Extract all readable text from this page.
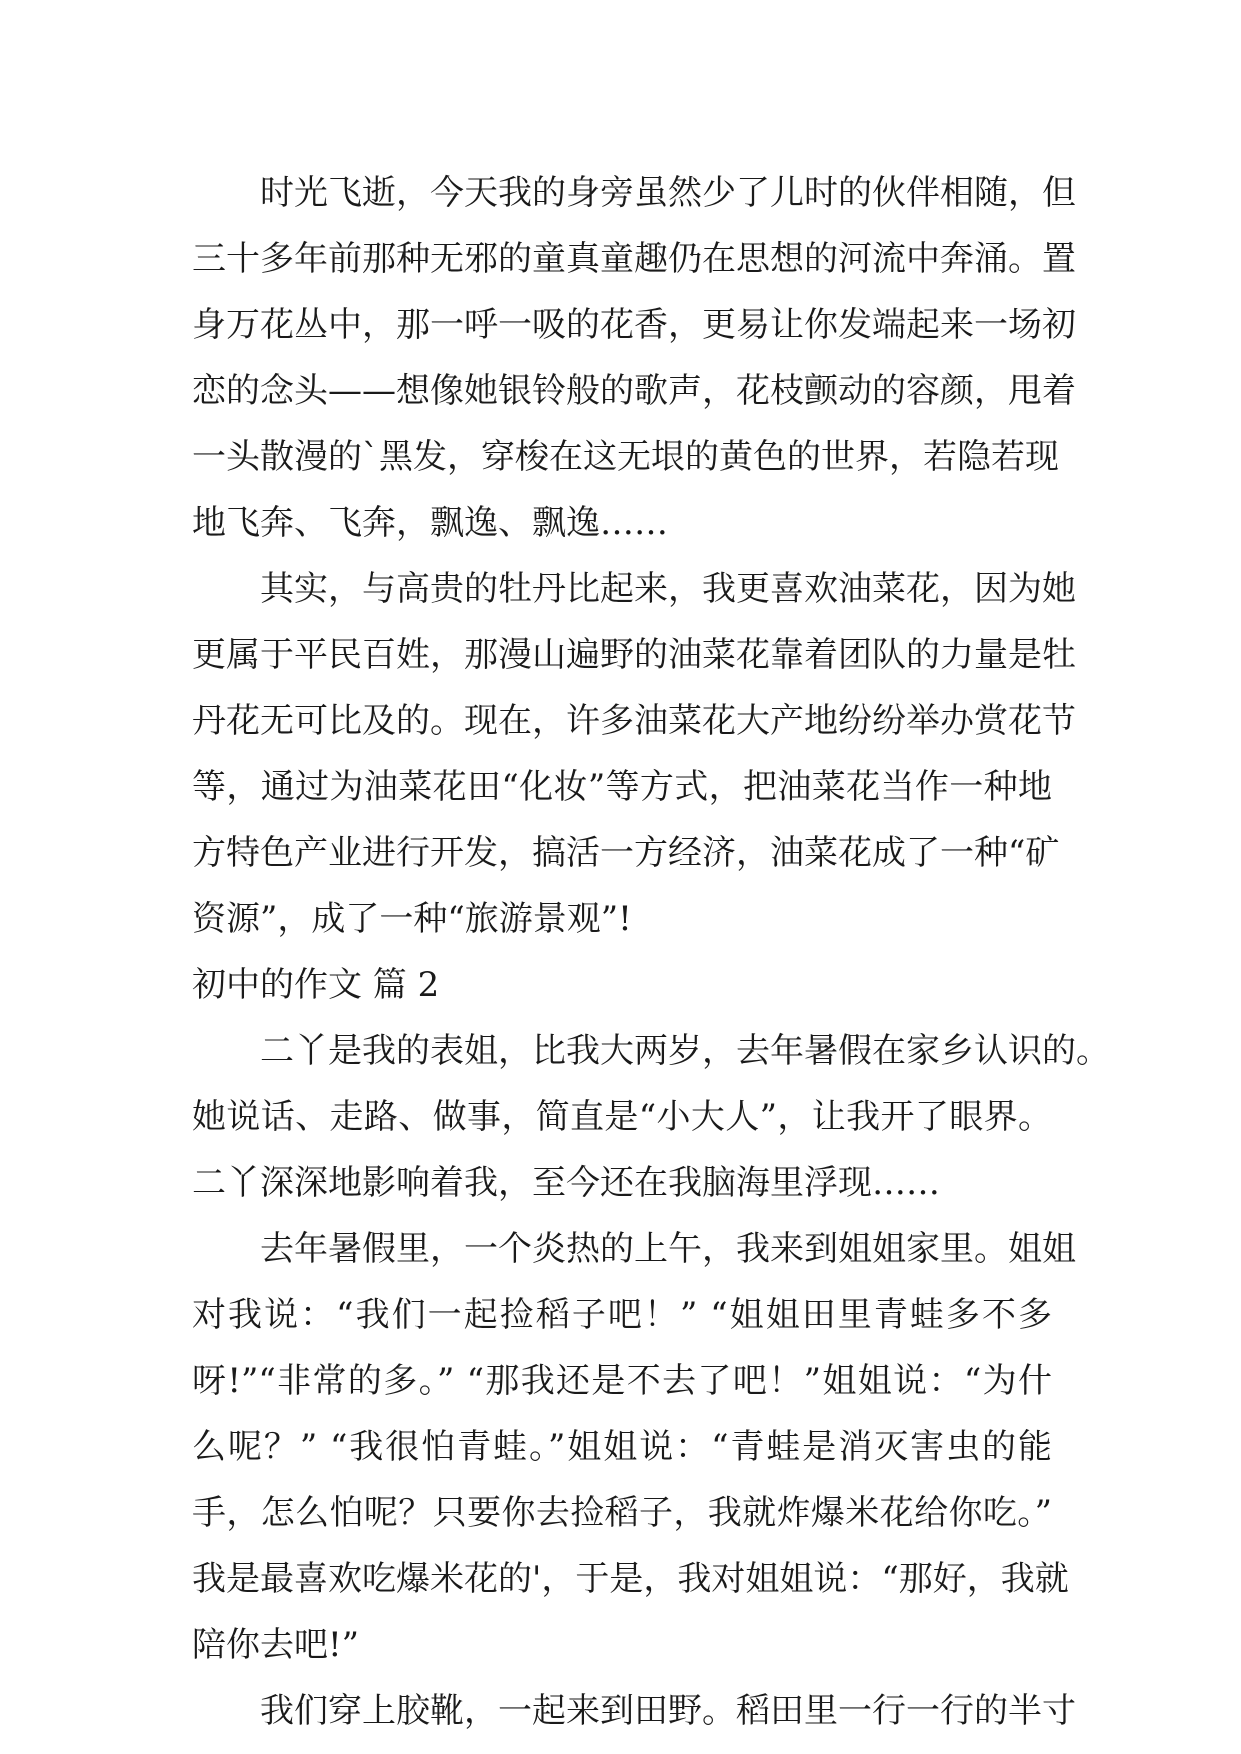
时光飞逝，今天我的身旁虽然少了儿时的伙伴相随，但
三十多年前那种无邪的童真童趣仍在思想的河流中奔涌。置
身万花丛中，那一呼一吸的花香，更易让你发端起来一场初
恋的念头——想像她银铃般的歌声，花枝颤动的容颜，甩着
一头散漫的`黑发，穿梭在这无垠的黄色的世界，若隐若现
地飞奔、飞奔，飘逸、飘逸……
其实，与高贵的牡丹比起来，我更喜欢油菜花，因为她
更属于平民百姓，那漫山遍野的油菜花靠着团队的力量是牡
丹花无可比及的。现在，许多油菜花大产地纷纷举办赏花节
等，通过为油菜花田“化妆”等方式，把油菜花当作一种地
方特色产业进行开发，搞活一方经济，油菜花成了一种“矿
资源”，成了一种“旅游景观”!
初中的作文 篇 2
二丫是我的表姐，比我大两岁，去年暑假在家乡认识的。
她说话、走路、做事，简直是“小大人”，让我开了眼界。
二丫深深地影响着我，至今还在我脑海里浮现……
去年暑假里，一个炎热的上午，我来到姐姐家里。姐姐
对我说：“我们一起捡稻子吧！” “姐姐田里青蛙多不多
呀!”“非常的多。” “那我还是不去了吧！”姐姐说：“为什
么呢？” “我很怕青蛙。”姐姐说：“青蛙是消灭害虫的能
手，怎么怕呢？只要你去捡稻子，我就炸爆米花给你吃。”
我是最喜欢吃爆米花的'，于是，我对姐姐说：“那好，我就
陪你去吧!”
我们穿上胶靴，一起来到田野。稻田里一行一行的半寸
